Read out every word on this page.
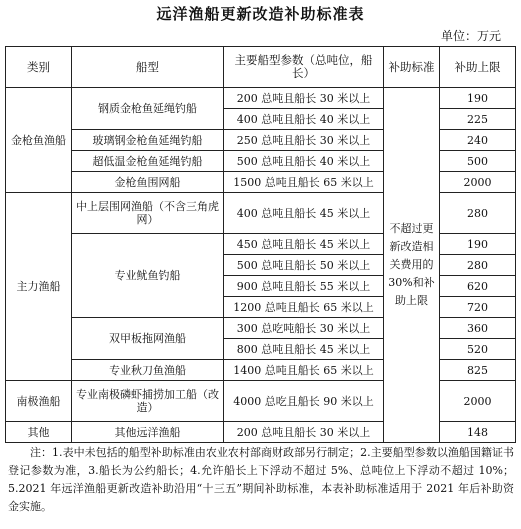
远洋渔船更新改造补助标准表
单位：万元
类别	船型	主要船型参数（总吨位，船长）	补助标准	补助上限
金枪鱼渔船	钢质金枪鱼延绳钓船	200 总吨且船长 30 米以上	不超过更新改造相关费用的30%和补助上限	190
		400 总吨且船长 40 米以上		225
	玻璃钢金枪鱼延绳钓船	250 总吨且船长 30 米以上		240
	超低温金枪鱼延绳钓船	500 总吨且船长 40 米以上		500
	金枪鱼围网船	1500 总吨且船长 65 米以上		2000
主力渔船	中上层围网渔船（不含三角虎网）	400 总吨且船长 45 米以上		280
	专业鱿鱼钓船	450 总吨且船长 45 米以上		190
		500 总吨且船长 50 米以上		280
		900 总吨且船长 55 米以上		620
		1200 总吨且船长 65 米以上		720
	双甲板拖网渔船	300 总吃吨船长 30 米以上		360
		800 总吨且船长 45 米以上		520
	专业秋刀鱼渔船	1400 总吨且船长 65 米以上		825
南极渔船	专业南极磷虾捕捞加工船（改造）	4000 总吃且船长 90 米以上		2000
其他	其他远洋渔船	200 总吨且船长 30 米以上		148
注：1.表中未包括的船型补助标准由农业农村部商财政部另行制定；2.主要船型参数以渔船国籍证书登记参数为准，3.船长为公约船长；4.允许船长上下浮动不超过 5%、总吨位上下浮动不超过 10%；5.2021 年远洋渔船更新改造补助沿用“十三五”期间补助标准，本表补助标准适用于 2021 年后补助资金实施。
